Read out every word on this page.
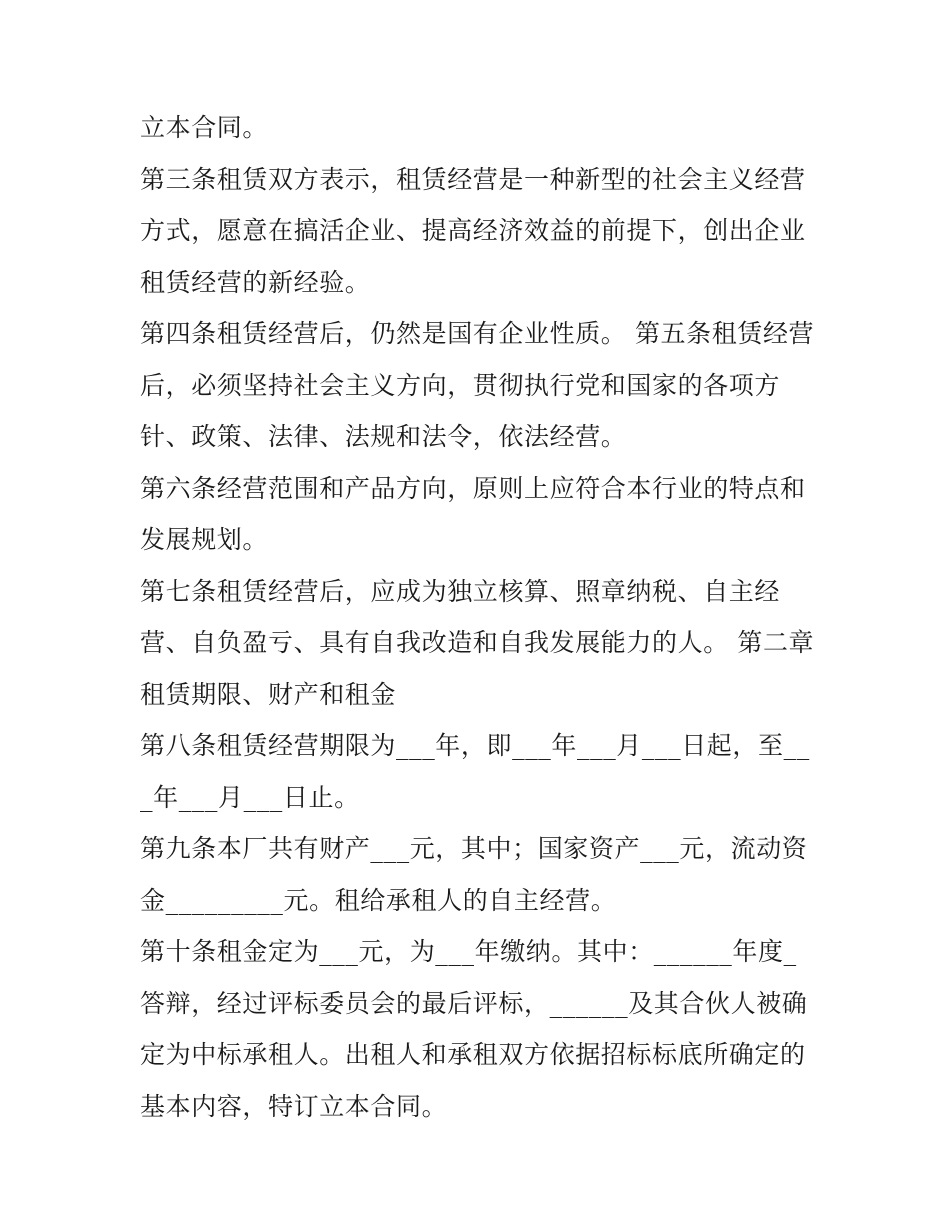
立本合同。

第三条租赁双方表示，租赁经营是一种新型的社会主义经营方式，愿意在搞活企业、提高经济效益的前提下，创出企业租赁经营的新经验。

第四条租赁经营后，仍然是国有企业性质。 第五条租赁经营后，必须坚持社会主义方向，贯彻执行党和国家的各项方针、政策、法律、法规和法令，依法经营。

第六条经营范围和产品方向，原则上应符合本行业的特点和发展规划。

第七条租赁经营后，应成为独立核算、照章纳税、自主经营、自负盈亏、具有自我改造和自我发展能力的人。 第二章租赁期限、财产和租金

第八条租赁经营期限为___年，即___年___月___日起，至___年___月___日止。

第九条本厂共有财产___元，其中；国家资产___元，流动资金_________元。租给承租人的自主经营。

第十条租金定为___元，为___年缴纳。其中：______年度_答辩，经过评标委员会的最后评标，______及其合伙人被确定为中标承租人。出租人和承租双方依据招标标底所确定的基本内容，特订立本合同。
